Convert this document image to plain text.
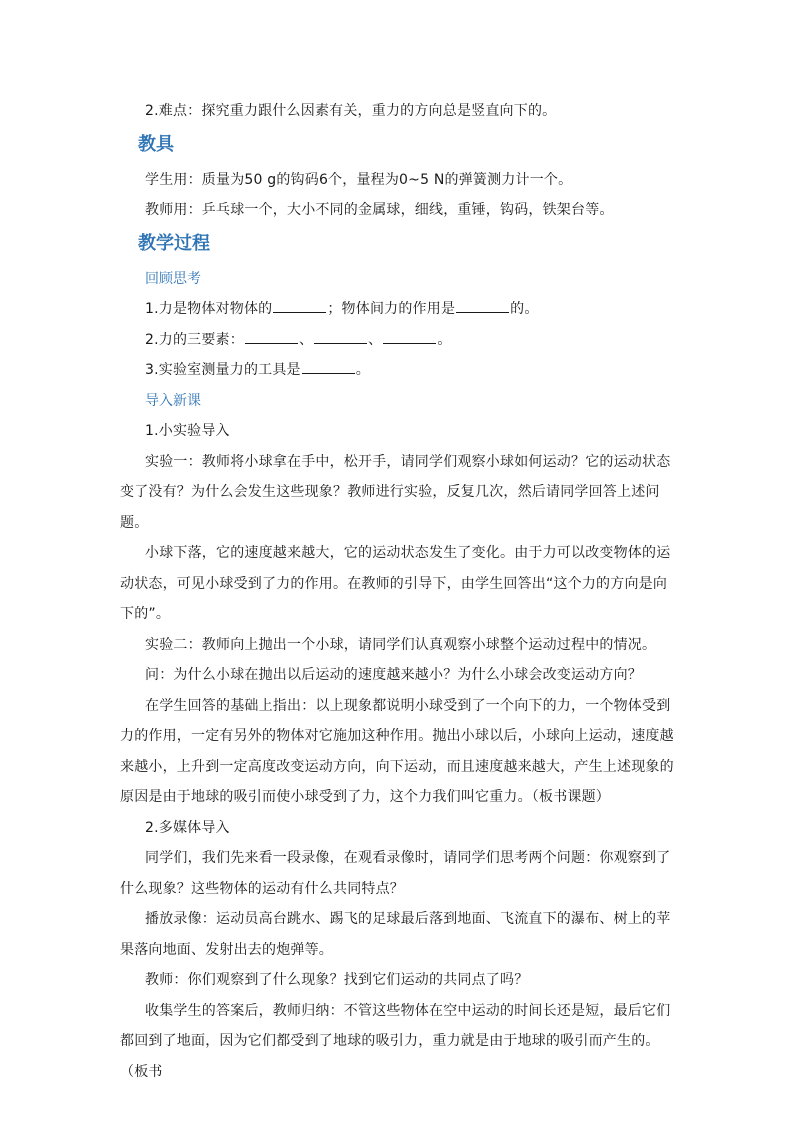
2.难点：探究重力跟什么因素有关，重力的方向总是竖直向下的。

教具

学生用：质量为50 g的钩码6个，量程为0~5 N的弹簧测力计一个。

教师用：乒乓球一个，大小不同的金属球，细线，重锤，钩码，铁架台等。

教学过程
回顾思考

1.力是物体对物体的	；物体间力的作用是	的。

2.力的三要素：	、	、	。

3.实验室测量力的工具是	。

导入新课

1.小实验导入

实验一：教师将小球拿在手中，松开手，请同学们观察小球如何运动？它的运动状态变了没有？为什么会发生这些现象？教师进行实验，反复几次，然后请同学回答上述问题。

小球下落，它的速度越来越大，它的运动状态发生了变化。由于力可以改变物体的运动状态，可见小球受到了力的作用。在教师的引导下，由学生回答出“这个力的方向是向下的”。

实验二：教师向上抛出一个小球，请同学们认真观察小球整个运动过程中的情况。

问：为什么小球在抛出以后运动的速度越来越小？为什么小球会改变运动方向？

在学生回答的基础上指出：以上现象都说明小球受到了一个向下的力，一个物体受到力的作用，一定有另外的物体对它施加这种作用。抛出小球以后，小球向上运动，速度越来越小，上升到一定高度改变运动方向，向下运动，而且速度越来越大，产生上述现象的原因是由于地球的吸引而使小球受到了力，这个力我们叫它重力。（板书课题）

2.多媒体导入

同学们，我们先来看一段录像，在观看录像时，请同学们思考两个问题：你观察到了什么现象？这些物体的运动有什么共同特点？

播放录像：运动员高台跳水、踢飞的足球最后落到地面、飞流直下的瀑布、树上的苹果落向地面、发射出去的炮弹等。

教师：你们观察到了什么现象？找到它们运动的共同点了吗？

收集学生的答案后，教师归纳：不管这些物体在空中运动的时间长还是短，最后它们都回到了地面，因为它们都受到了地球的吸引力，重力就是由于地球的吸引而产生的。（板书
